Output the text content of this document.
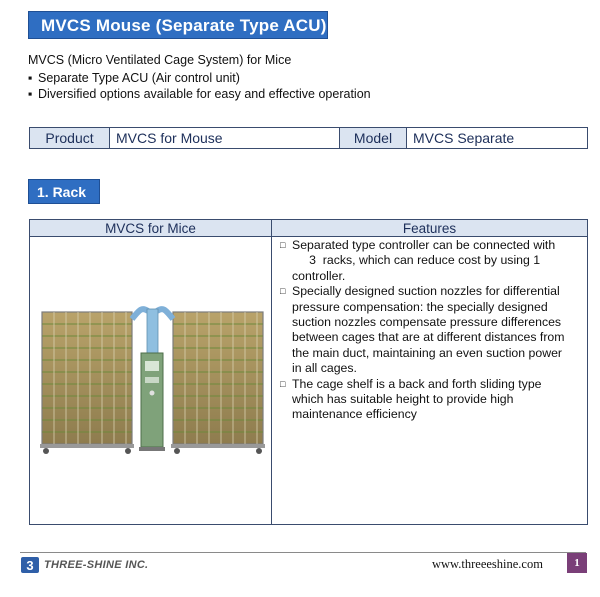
MVCS Mouse (Separate Type ACU)
MVCS (Micro Ventilated Cage System) for Mice
▪ Separate Type ACU (Air control unit)
▪ Diversified options available for easy and effective operation
Product	MVCS for Mouse	Model	MVCS Separate
1. Rack
MVCS for Mice	Features
□ Separated type controller can be connected with
3  racks, which can reduce cost by using 1
controller.
□ Specially designed suction nozzles for differential
pressure compensation: the specially designed
suction nozzles compensate pressure differences
between cages that are at different distances from
the main duct, maintaining an even suction power
in all cages.
□ The cage shelf is a back and forth sliding type
which has suitable height to provide high
maintenance efficiency
3 THREE-SHINE INC.	www.threeeshine.com	1
